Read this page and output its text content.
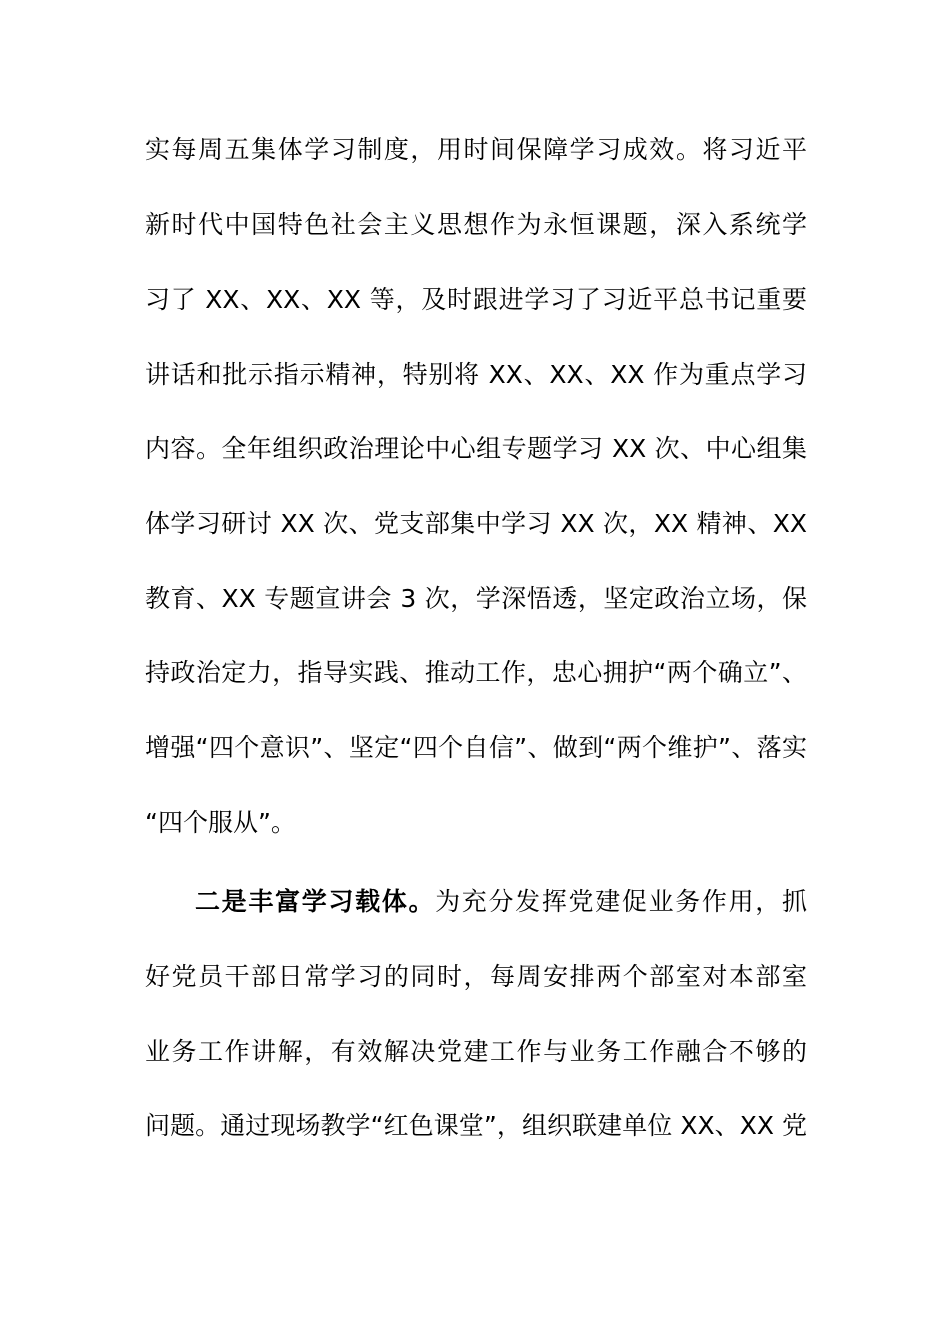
实每周五集体学习制度，用时间保障学习成效。将习近平
新时代中国特色社会主义思想作为永恒课题，深入系统学
习了 XX、XX、XX 等，及时跟进学习了习近平总书记重要
讲话和批示指示精神，特别将 XX、XX、XX 作为重点学习
内容。全年组织政治理论中心组专题学习 XX 次、中心组集
体学习研讨 XX 次、党支部集中学习 XX 次，XX 精神、XX
教育、XX 专题宣讲会 3 次，学深悟透，坚定政治立场，保
持政治定力，指导实践、推动工作，忠心拥护“两个确立”、
增强“四个意识”、坚定“四个自信”、做到“两个维护”、落实
“四个服从”。
二是丰富学习载体。为充分发挥党建促业务作用，抓
好党员干部日常学习的同时，每周安排两个部室对本部室
业务工作讲解，有效解决党建工作与业务工作融合不够的
问题。通过现场教学“红色课堂”，组织联建单位 XX、XX 党
